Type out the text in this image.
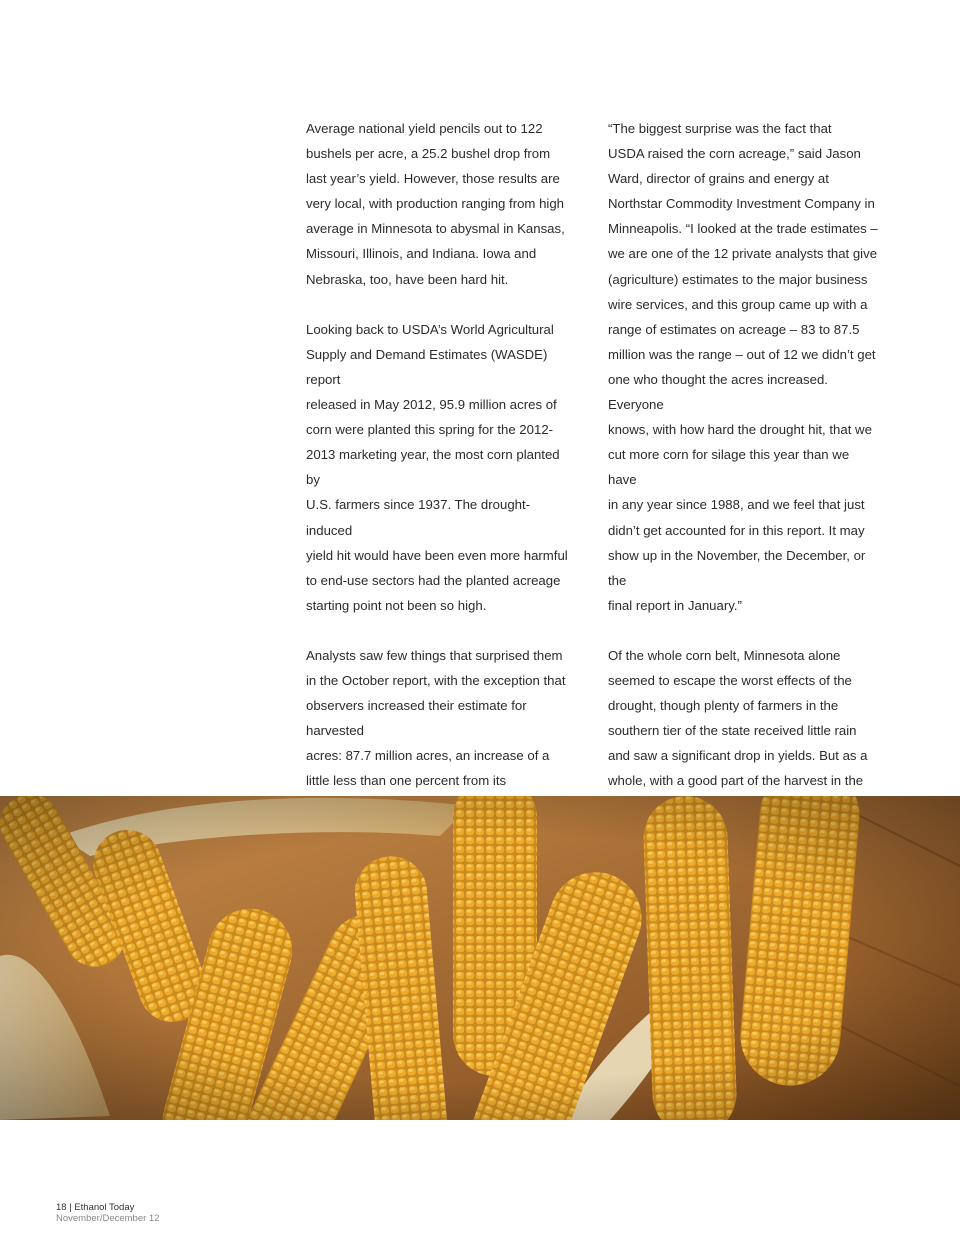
Average national yield pencils out to 122
bushels per acre, a 25.2 bushel drop from
last year’s yield. However, those results are
very local, with production ranging from high
average in Minnesota to abysmal in Kansas,
Missouri, Illinois, and Indiana. Iowa and
Nebraska, too, have been hard hit.

Looking back to USDA’s World Agricultural
Supply and Demand Estimates (WASDE) report
released in May 2012, 95.9 million acres of
corn were planted this spring for the 2012-
2013 marketing year, the most corn planted by
U.S. farmers since 1937. The drought-induced
yield hit would have been even more harmful
to end-use sectors had the planted acreage
starting point not been so high.

Analysts saw few things that surprised them
in the October report, with the exception that
observers increased their estimate for harvested
acres: 87.7 million acres, an increase of a
little less than one percent from its

“The biggest surprise was the fact that
USDA raised the corn acreage,” said Jason
Ward, director of grains and energy at
Northstar Commodity Investment Company in
Minneapolis. “I looked at the trade estimates –
we are one of the 12 private analysts that give
(agriculture) estimates to the major business
wire services, and this group came up with a
range of estimates on acreage – 83 to 87.5
million was the range – out of 12 we didn’t get
one who thought the acres increased. Everyone
knows, with how hard the drought hit, that we
cut more corn for silage this year than we have
in any year since 1988, and we feel that just
didn’t get accounted for in this report. It may
show up in the November, the December, or the
final report in January.”

Of the whole corn belt, Minnesota alone
seemed to escape the worst effects of the
drought, though plenty of farmers in the
southern tier of the state received little rain
and saw a significant drop in yields. But as a
whole, with a good part of the harvest in the

18 | Ethanol Today
November/December 12
